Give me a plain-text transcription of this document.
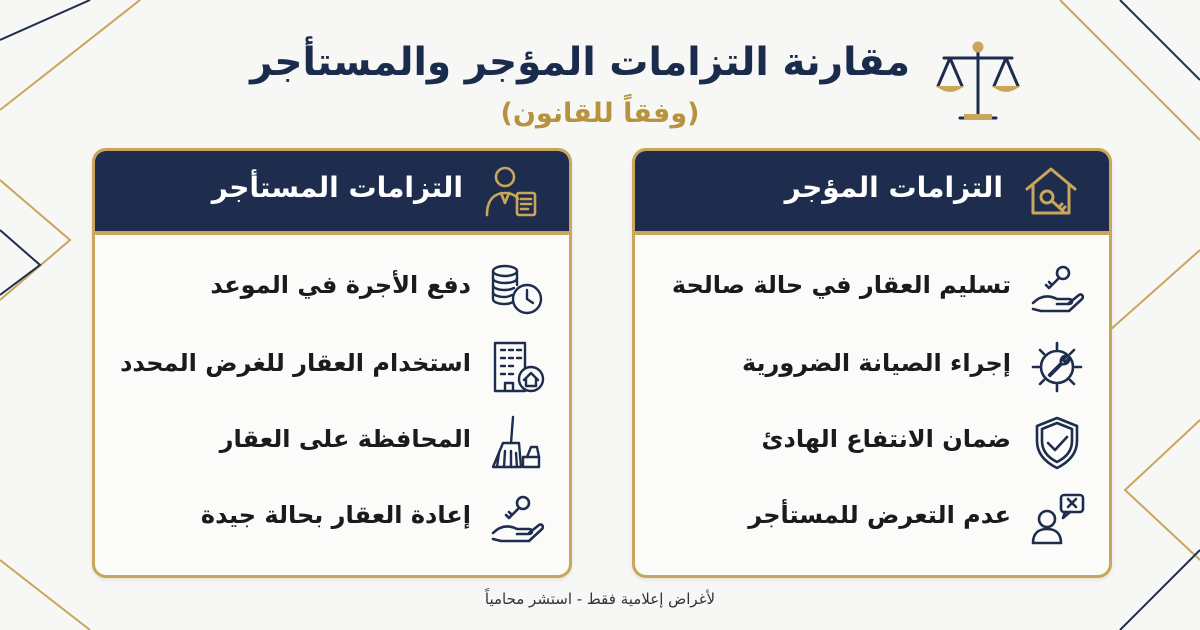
مقارنة التزامات المؤجر والمستأجر
(وفقاً للقانون)
التزامات المؤجر
تسليم العقار في حالة صالحة
إجراء الصيانة الضرورية
ضمان الانتفاع الهادئ
عدم التعرض للمستأجر
التزامات المستأجر
دفع الأجرة في الموعد
استخدام العقار للغرض المحدد
المحافظة على العقار
إعادة العقار بحالة جيدة
لأغراض إعلامية فقط - استشر محامياً
